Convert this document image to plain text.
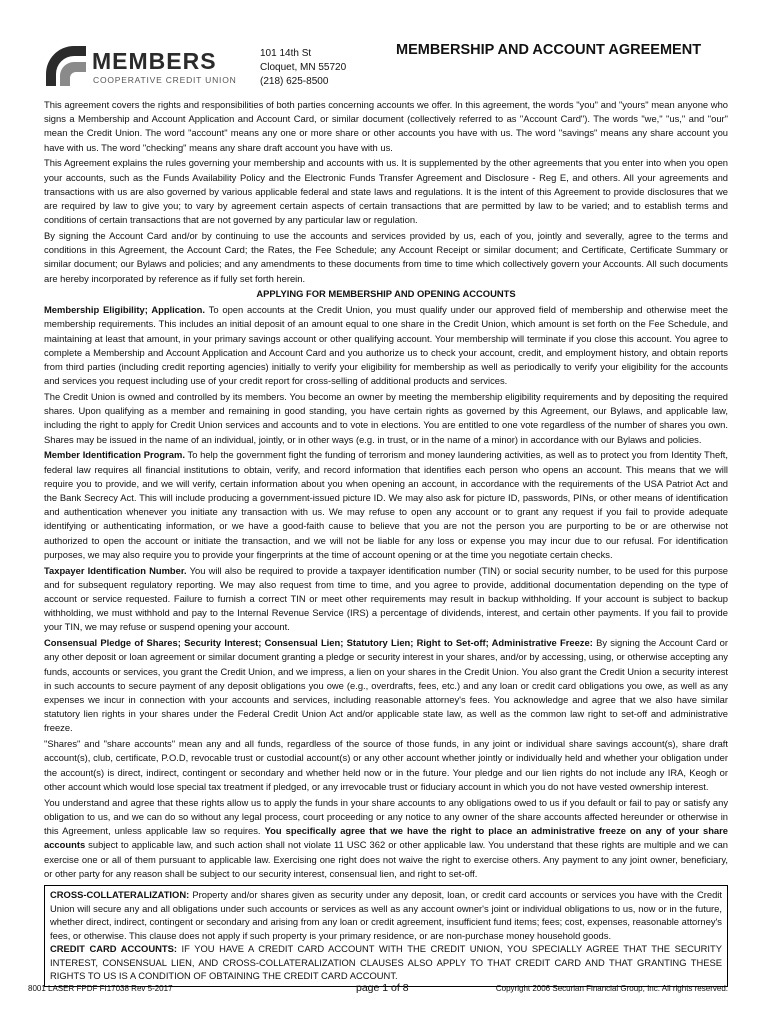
MEMBERS
COOPERATIVE CREDIT UNION
101 14th St
Cloquet, MN 55720
(218) 625-8500
MEMBERSHIP AND ACCOUNT AGREEMENT

This agreement covers the rights and responsibilities of both parties concerning accounts we offer. In this agreement, the words "you" and "yours" mean anyone who signs a Membership and Account Application and Account Card, or similar document (collectively referred to as "Account Card"). The words "we," "us," and "our" mean the Credit Union. The word "account" means any one or more share or other accounts you have with us. The word "savings" means any share account you have with us. The word "checking" means any share draft account you have with us.

This Agreement explains the rules governing your membership and accounts with us. It is supplemented by the other agreements that you enter into when you open your accounts, such as the Funds Availability Policy and the Electronic Funds Transfer Agreement and Disclosure - Reg E, and others. All your agreements and transactions with us are also governed by various applicable federal and state laws and regulations. It is the intent of this Agreement to provide disclosures that we are required by law to give you; to vary by agreement certain aspects of certain transactions that are permitted by law to be varied; and to establish terms and conditions of certain transactions that are not governed by any particular law or regulation.

By signing the Account Card and/or by continuing to use the accounts and services provided by us, each of you, jointly and severally, agree to the terms and conditions in this Agreement, the Account Card; the Rates, the Fee Schedule; any Account Receipt or similar document; and Certificate, Certificate Summary or similar document; our Bylaws and policies; and any amendments to these documents from time to time which collectively govern your Accounts. All such documents are hereby incorporated by reference as if fully set forth herein.

APPLYING FOR MEMBERSHIP AND OPENING ACCOUNTS

Membership Eligibility; Application. To open accounts at the Credit Union, you must qualify under our approved field of membership and otherwise meet the membership requirements. This includes an initial deposit of an amount equal to one share in the Credit Union, which amount is set forth on the Fee Schedule, and maintaining at least that amount, in your primary savings account or other qualifying account. Your membership will terminate if you close this account. You agree to complete a Membership and Account Application and Account Card and you authorize us to check your account, credit, and employment history, and obtain reports from third parties (including credit reporting agencies) initially to verify your eligibility for membership as well as periodically to verify your eligibility for the accounts and services you request including use of your credit report for cross-selling of additional products and services.

The Credit Union is owned and controlled by its members. You become an owner by meeting the membership eligibility requirements and by depositing the required shares. Upon qualifying as a member and remaining in good standing, you have certain rights as governed by this Agreement, our Bylaws, and applicable law, including the right to apply for Credit Union services and accounts and to vote in elections. You are entitled to one vote regardless of the number of shares you own. Shares may be issued in the name of an individual, jointly, or in other ways (e.g. in trust, or in the name of a minor) in accordance with our Bylaws and policies.

Member Identification Program. To help the government fight the funding of terrorism and money laundering activities, as well as to protect you from Identity Theft, federal law requires all financial institutions to obtain, verify, and record information that identifies each person who opens an account. This means that we will require you to provide, and we will verify, certain information about you when opening an account, in accordance with the requirements of the USA Patriot Act and the Bank Secrecy Act. This will include producing a government-issued picture ID. We may also ask for picture ID, passwords, PINs, or other means of identification and authentication whenever you initiate any transaction with us. We may refuse to open any account or to grant any request if you fail to provide adequate identifying or authenticating information, or we have a good-faith cause to believe that you are not the person you are purporting to be or are otherwise not authorized to open the account or initiate the transaction, and we will not be liable for any loss or expense you may incur due to our refusal. For identification purposes, we may also require you to provide your fingerprints at the time of account opening or at the time you negotiate certain checks.

Taxpayer Identification Number. You will also be required to provide a taxpayer identification number (TIN) or social security number, to be used for this purpose and for subsequent regulatory reporting. We may also request from time to time, and you agree to provide, additional documentation depending on the type of account or service requested. Failure to furnish a correct TIN or meet other requirements may result in backup withholding. If your account is subject to backup withholding, we must withhold and pay to the Internal Revenue Service (IRS) a percentage of dividends, interest, and certain other payments. If you fail to provide your TIN, we may refuse or suspend opening your account.

Consensual Pledge of Shares; Security Interest; Consensual Lien; Statutory Lien; Right to Set-off; Administrative Freeze: By signing the Account Card or any other deposit or loan agreement or similar document granting a pledge or security interest in your shares, and/or by accessing, using, or otherwise accepting any funds, accounts or services, you grant the Credit Union, and we impress, a lien on your shares in the Credit Union. You also grant the Credit Union a security interest in such accounts to secure payment of any deposit obligations you owe (e.g., overdrafts, fees, etc.) and any loan or credit card obligations you owe, as well as any expenses we incur in connection with your accounts and services, including reasonable attorney's fees. You acknowledge and agree that we also have similar statutory lien rights in your shares under the Federal Credit Union Act and/or applicable state law, as well as the common law right to set-off and administrative freeze.

"Shares" and "share accounts" mean any and all funds, regardless of the source of those funds, in any joint or individual share savings account(s), share draft account(s), club, certificate, P.O.D, revocable trust or custodial account(s) or any other account whether jointly or individually held and whether your obligation under the account(s) is direct, indirect, contingent or secondary and whether held now or in the future. Your pledge and our lien rights do not include any IRA, Keogh or other account which would lose special tax treatment if pledged, or any irrevocable trust or fiduciary account in which you do not have vested ownership interest.

You understand and agree that these rights allow us to apply the funds in your share accounts to any obligations owed to us if you default or fail to pay or satisfy any obligation to us, and we can do so without any legal process, court proceeding or any notice to any owner of the share accounts affected hereunder or otherwise in this Agreement, unless applicable law so requires. You specifically agree that we have the right to place an administrative freeze on any of your share accounts subject to applicable law, and such action shall not violate 11 USC 362 or other applicable law. You understand that these rights are multiple and we can exercise one or all of them pursuant to applicable law. Exercising one right does not waive the right to exercise others. Any payment to any joint owner, beneficiary, or other party for any reason shall be subject to our security interest, consensual lien, and right to set-off.

CROSS-COLLATERALIZATION: Property and/or shares given as security under any deposit, loan, or credit card accounts or services you have with the Credit Union will secure any and all obligations under such accounts or services as well as any account owner's joint or individual obligations to us, now or in the future, whether direct, indirect, contingent or secondary and arising from any loan or credit agreement, insufficient fund items; fees; cost, expenses, reasonable attorney's fees, or otherwise. This clause does not apply if such property is your primary residence, or are non-purchase money household goods.

CREDIT CARD ACCOUNTS: IF YOU HAVE A CREDIT CARD ACCOUNT WITH THE CREDIT UNION, YOU SPECIALLY AGREE THAT THE SECURITY INTEREST, CONSENSUAL LIEN, AND CROSS-COLLATERALIZATION CLAUSES ALSO APPLY TO THAT CREDIT CARD AND THAT GRANTING THESE RIGHTS TO US IS A CONDITION OF OBTAINING THE CREDIT CARD ACCOUNT.

8001 LASER FPDF FI17038 Rev 5-2017	page 1 of 8	Copyright 2006 Securian Financial Group, Inc. All rights reserved.
